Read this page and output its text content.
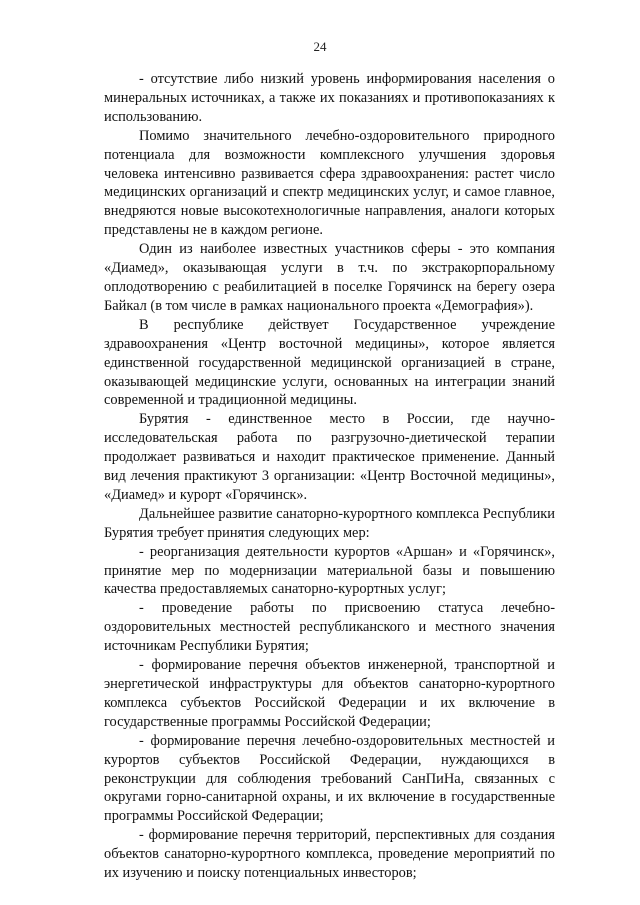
24

- отсутствие либо низкий уровень информирования населения о минеральных источниках, а также их показаниях и противопоказаниях к использованию.

Помимо значительного лечебно-оздоровительного природного потенциала для возможности комплексного улучшения здоровья человека интенсивно развивается сфера здравоохранения: растет число медицинских организаций и спектр медицинских услуг, и самое главное, внедряются новые высокотехнологичные направления, аналоги которых представлены не в каждом регионе.

Один из наиболее известных участников сферы - это компания «Диамед», оказывающая услуги в т.ч. по экстракорпоральному оплодотворению с реабилитацией в поселке Горячинск на берегу озера Байкал (в том числе в рамках национального проекта «Демография»).

В республике действует Государственное учреждение здравоохранения «Центр восточной медицины», которое является единственной государственной медицинской организацией в стране, оказывающей медицинские услуги, основанных на интеграции знаний современной и традиционной медицины.

Бурятия - единственное место в России, где научно-исследовательская работа по разгрузочно-диетической терапии продолжает развиваться и находит практическое применение. Данный вид лечения практикуют 3 организации: «Центр Восточной медицины», «Диамед» и курорт «Горячинск».

Дальнейшее развитие санаторно-курортного комплекса Республики Бурятия требует принятия следующих мер:

- реорганизация деятельности курортов «Аршан» и «Горячинск», принятие мер по модернизации материальной базы и повышению качества предоставляемых санаторно-курортных услуг;

- проведение работы по присвоению статуса лечебно-оздоровительных местностей республиканского и местного значения источникам Республики Бурятия;

- формирование перечня объектов инженерной, транспортной и энергетической инфраструктуры для объектов санаторно-курортного комплекса субъектов Российской Федерации и их включение в государственные программы Российской Федерации;

- формирование перечня лечебно-оздоровительных местностей и курортов субъектов Российской Федерации, нуждающихся в реконструкции для соблюдения требований СанПиНа, связанных с округами горно-санитарной охраны, и их включение в государственные программы Российской Федерации;

- формирование перечня территорий, перспективных для создания объектов санаторно-курортного комплекса, проведение мероприятий по их изучению и поиску потенциальных инвесторов;
